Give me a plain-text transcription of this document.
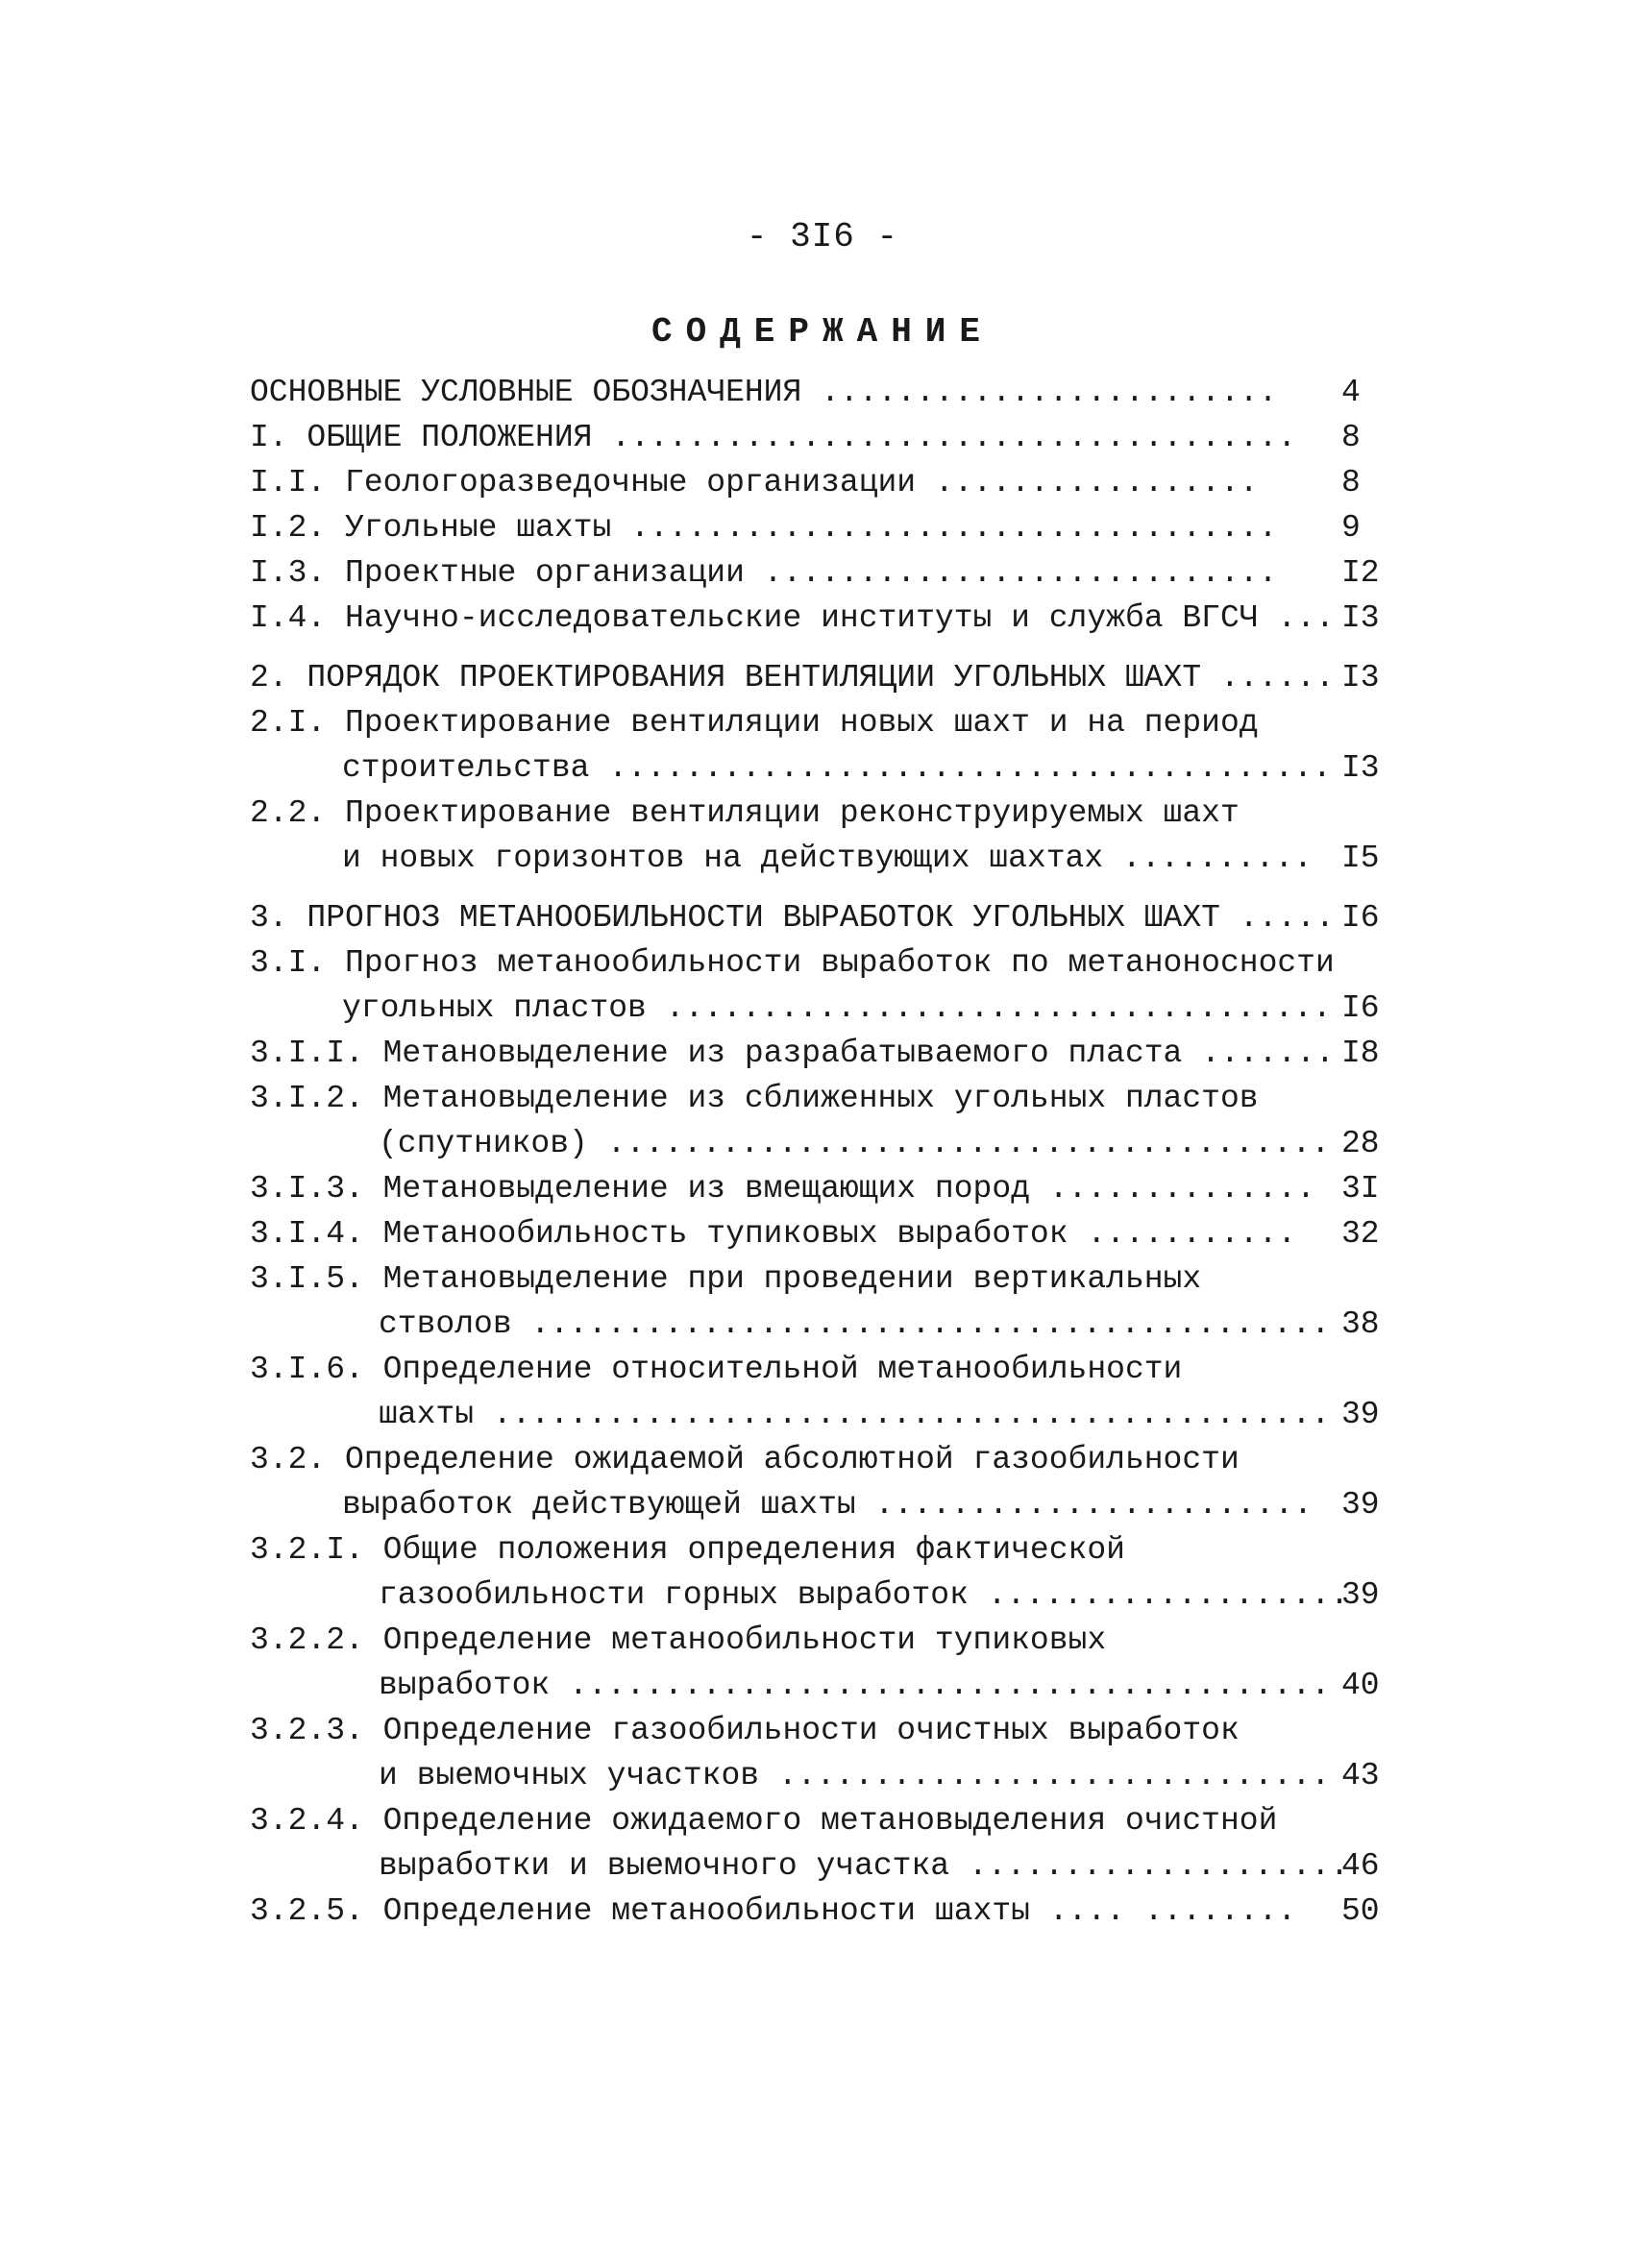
- 3I6 -
СОДЕРЖАНИЕ
ОСНОВНЫЕ УСЛОВНЫЕ ОБОЗНАЧЕНИЯ ........................ 4
I. ОБЩИЕ ПОЛОЖЕНИЯ .................................... 8
I.I. Геологоразведочные организации .................	8
I.2. Угольные шахты .................................. 9
I.3. Проектные организации ........................... I2
I.4. Научно-исследовательские институты и служба ВГСЧ ... I3
2. ПОРЯДОК ПРОЕКТИРОВАНИЯ ВЕНТИЛЯЦИИ УГОЛЬНЫХ ШАХТ ...... I3
2.I. Проектирование вентиляции новых шахт и на период
строительства ...................................... I3
2.2. Проектирование вентиляции реконструируемых шахт
и новых горизонтов на действующих шахтах .......... I5
3. ПРОГНОЗ МЕТАНООБИЛЬНОСТИ ВЫРАБОТОК УГОЛЬНЫХ ШАХТ ..... I6
3.I. Прогноз метанообильности выработок по метаноносности
угольных пластов ................................... I6
3.I.I. Метановыделение из разрабатываемого пласта ....... I8
3.I.2. Метановыделение из сближенных угольных пластов
(спутников) ...................................... 28
3.I.3. Метановыделение из вмещающих пород .............. 3I
3.I.4. Метанообильность тупиковых выработок ........... 32
3.I.5. Метановыделение при проведении вертикальных
стволов .......................................... 38
3.I.6. Определение относительной метанообильности
шахты ............................................ 39
3.2. Определение ожидаемой абсолютной газообильности
выработок действующей шахты ....................... 39
3.2.I. Общие положения определения фактической
газообильности горных выработок ...................
39
3.2.2. Определение метанообильности тупиковых
выработок ........................................ 40
3.2.3. Определение газообильности очистных выработок
и выемочных участков ............................. 43
3.2.4. Определение ожидаемого метановыделения очистной
выработки и выемочного участка ....................
46
3.2.5. Определение метанообильности шахты .... ........ 50
